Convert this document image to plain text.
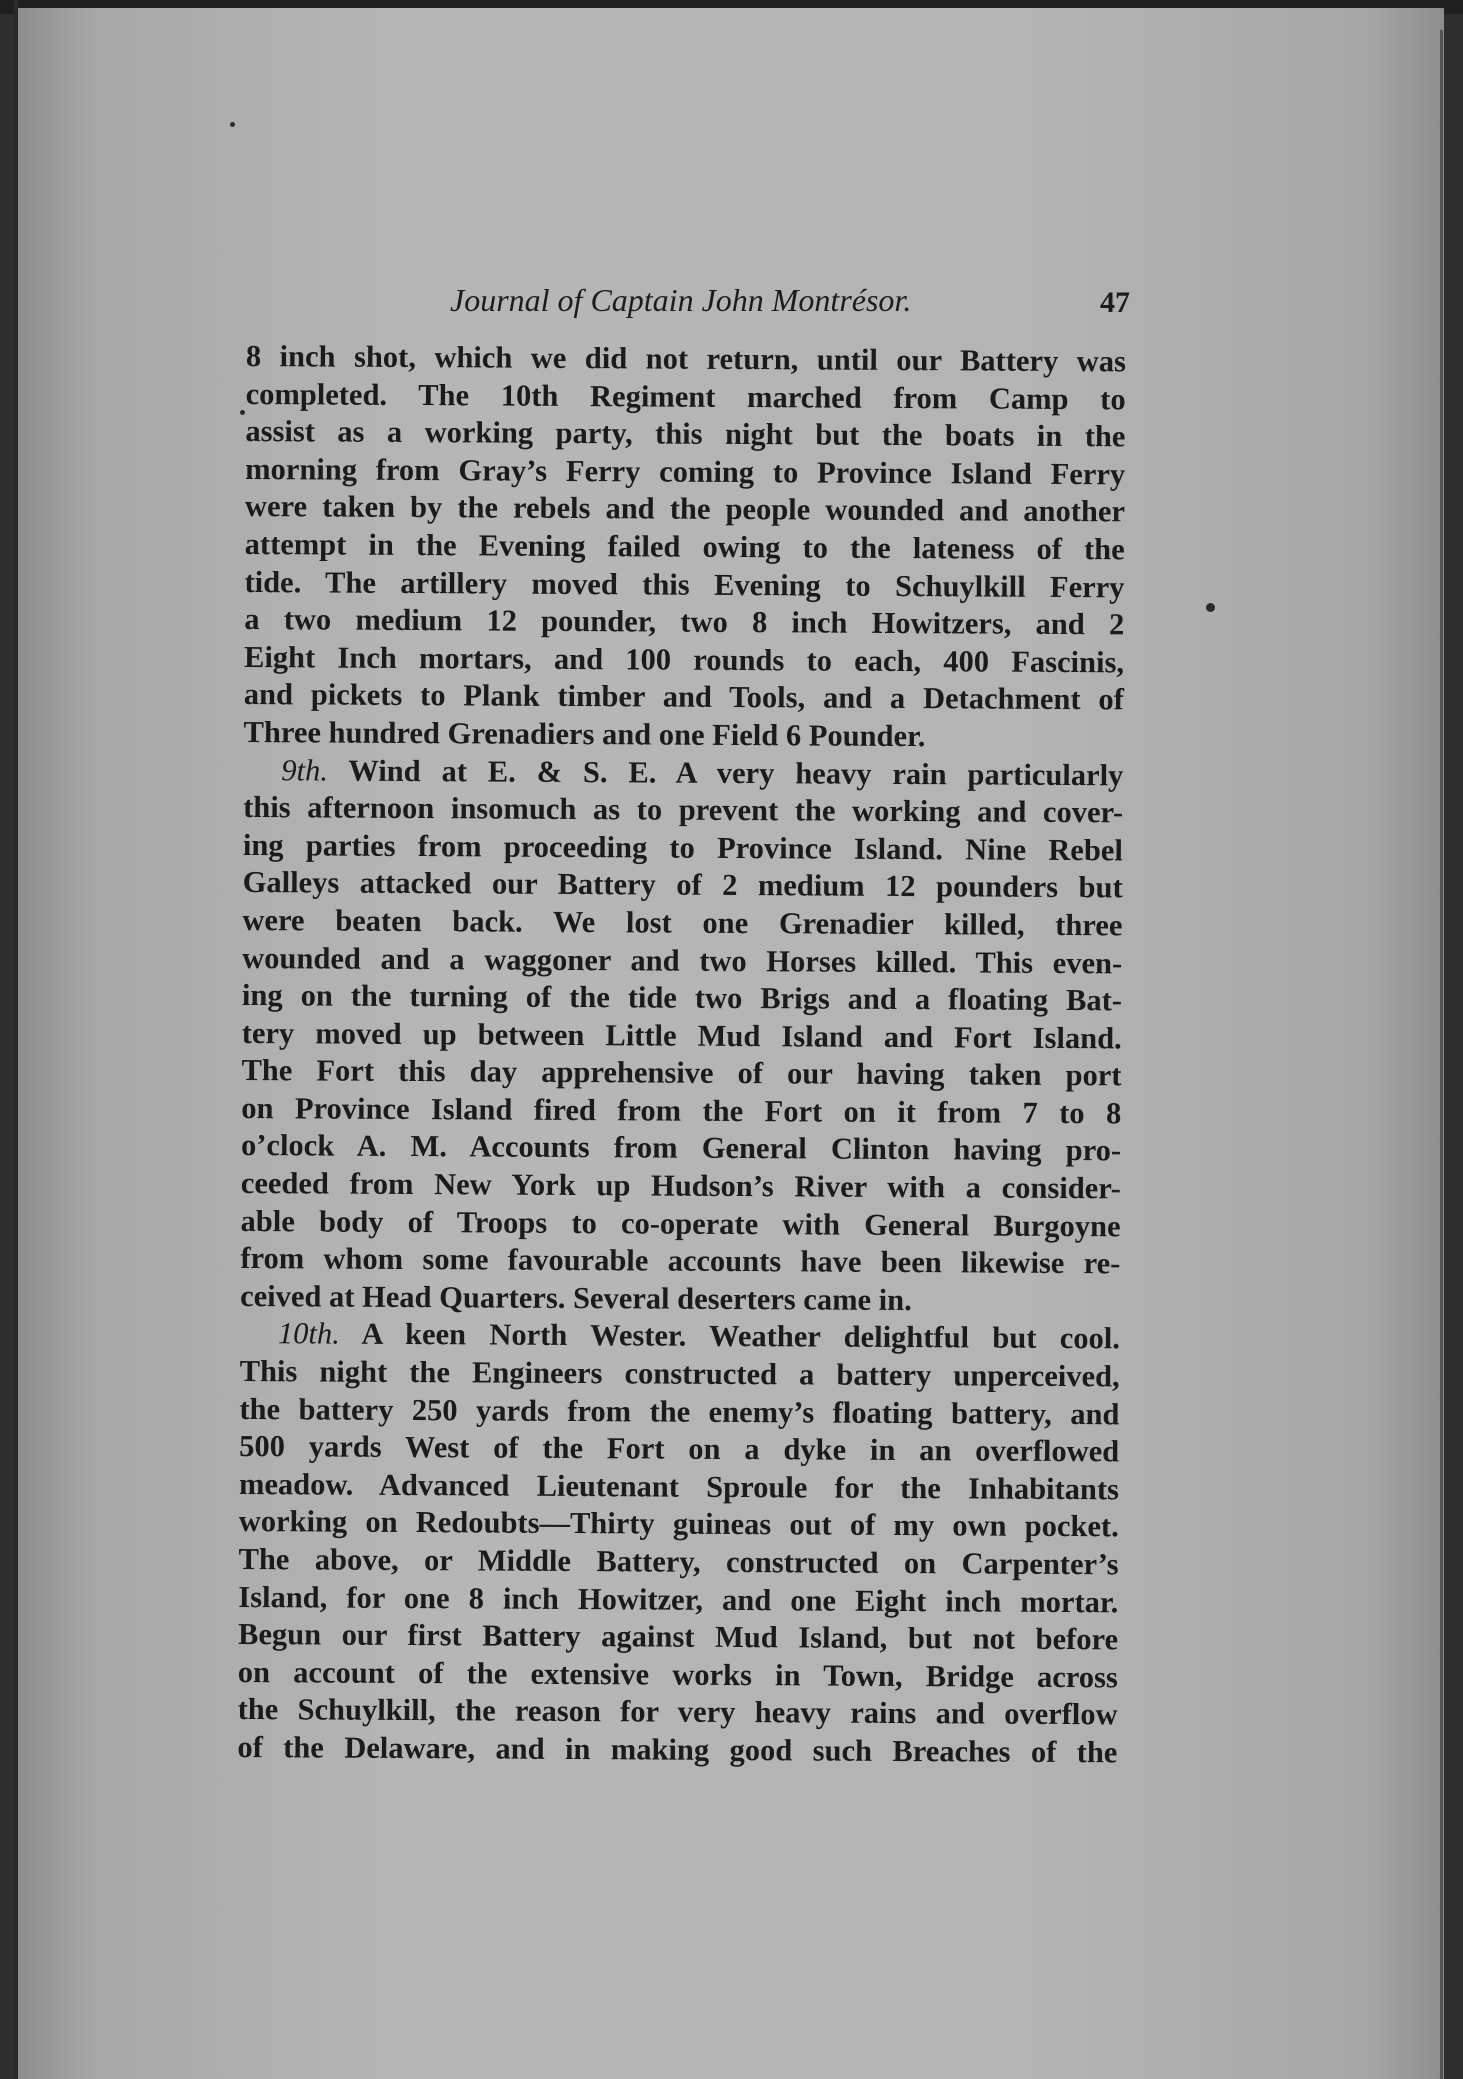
Journal of Captain John Montrésor.	47
8 inch shot, which we did not return, until our Battery was
completed. The 10th Regiment marched from Camp to
assist as a working party, this night but the boats in the
morning from Gray’s Ferry coming to Province Island Ferry
were taken by the rebels and the people wounded and another
attempt in the Evening failed owing to the lateness of the
tide. The artillery moved this Evening to Schuylkill Ferry
a two medium 12 pounder, two 8 inch Howitzers, and 2
Eight Inch mortars, and 100 rounds to each, 400 Fascinis,
and pickets to Plank timber and Tools, and a Detachment of
Three hundred Grenadiers and one Field 6 Pounder.
9th. Wind at E. & S. E. A very heavy rain particularly
this afternoon insomuch as to prevent the working and cover-
ing parties from proceeding to Province Island. Nine Rebel
Galleys attacked our Battery of 2 medium 12 pounders but
were beaten back. We lost one Grenadier killed, three
wounded and a waggoner and two Horses killed. This even-
ing on the turning of the tide two Brigs and a floating Bat-
tery moved up between Little Mud Island and Fort Island.
The Fort this day apprehensive of our having taken port
on Province Island fired from the Fort on it from 7 to 8
o’clock A. M. Accounts from General Clinton having pro-
ceeded from New York up Hudson’s River with a consider-
able body of Troops to co-operate with General Burgoyne
from whom some favourable accounts have been likewise re-
ceived at Head Quarters. Several deserters came in.
10th. A keen North Wester. Weather delightful but cool.
This night the Engineers constructed a battery unperceived,
the battery 250 yards from the enemy’s floating battery, and
500 yards West of the Fort on a dyke in an overflowed
meadow. Advanced Lieutenant Sproule for the Inhabitants
working on Redoubts—Thirty guineas out of my own pocket.
The above, or Middle Battery, constructed on Carpenter’s
Island, for one 8 inch Howitzer, and one Eight inch mortar.
Begun our first Battery against Mud Island, but not before
on account of the extensive works in Town, Bridge across
the Schuylkill, the reason for very heavy rains and overflow
of the Delaware, and in making good such Breaches of the
